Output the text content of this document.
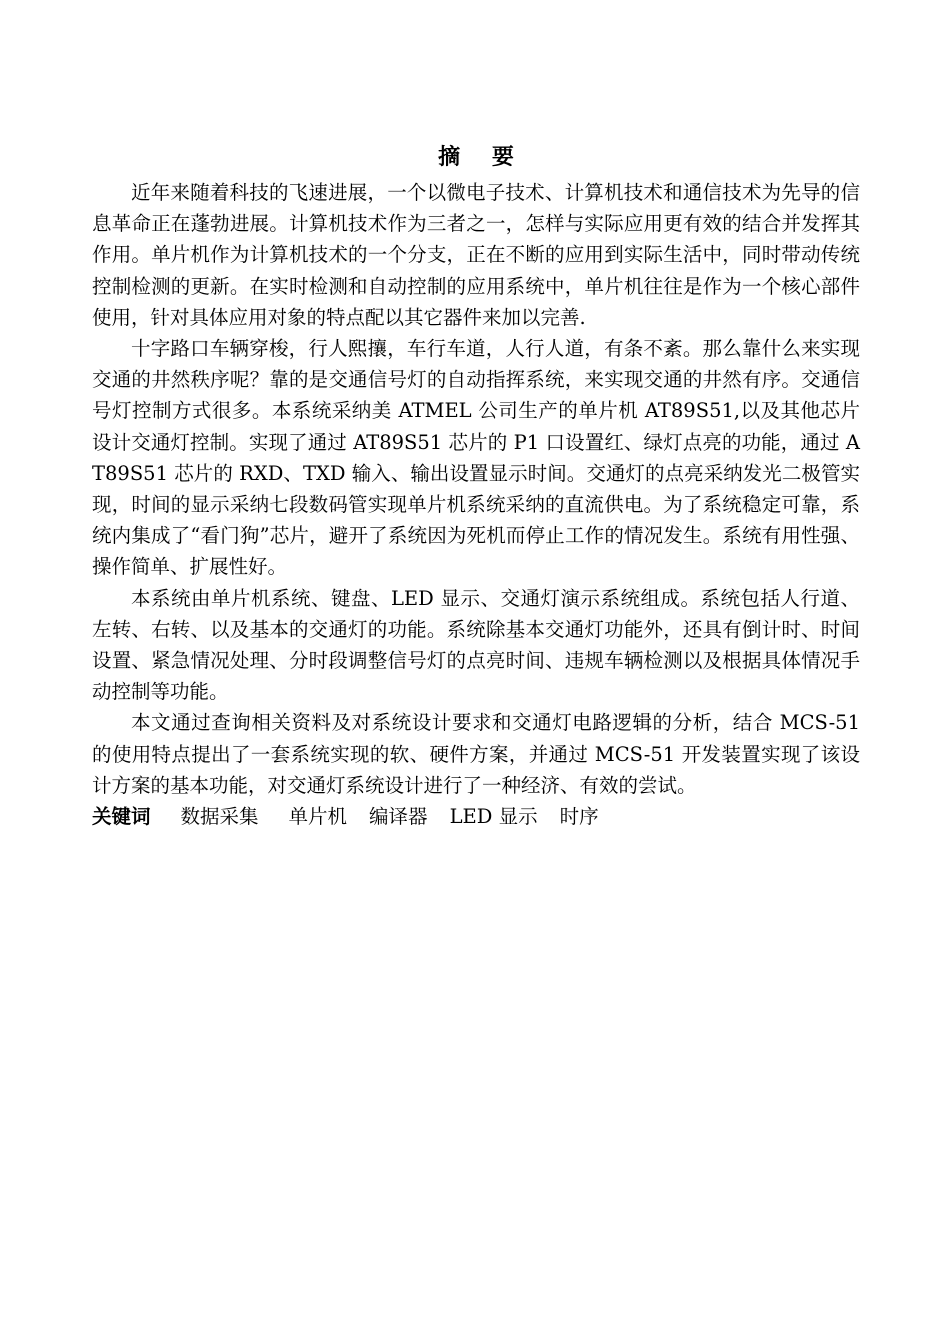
摘 要

近年来随着科技的飞速进展，一个以微电子技术、计算机技术和通信技术为先导的信息革命正在蓬勃进展。计算机技术作为三者之一，怎样与实际应用更有效的结合并发挥其作用。单片机作为计算机技术的一个分支，正在不断的应用到实际生活中，同时带动传统控制检测的更新。在实时检测和自动控制的应用系统中，单片机往往是作为一个核心部件使用，针对具体应用对象的特点配以其它器件来加以完善.

十字路口车辆穿梭，行人熙攘，车行车道，人行人道，有条不紊。那么靠什么来实现交通的井然秩序呢？靠的是交通信号灯的自动指挥系统，来实现交通的井然有序。交通信号灯控制方式很多。本系统采纳美 ATMEL 公司生产的单片机 AT89S51,以及其他芯片设计交通灯控制。实现了通过 AT89S51 芯片的 P1 口设置红、绿灯点亮的功能，通过 AT89S51 芯片的 RXD、TXD 输入、输出设置显示时间。交通灯的点亮采纳发光二极管实现，时间的显示采纳七段数码管实现单片机系统采纳的直流供电。为了系统稳定可靠，系统内集成了“看门狗”芯片，避开了系统因为死机而停止工作的情况发生。系统有用性强、操作简单、扩展性好。

本系统由单片机系统、键盘、LED 显示、交通灯演示系统组成。系统包括人行道、左转、右转、以及基本的交通灯的功能。系统除基本交通灯功能外，还具有倒计时、时间设置、紧急情况处理、分时段调整信号灯的点亮时间、违规车辆检测以及根据具体情况手动控制等功能。

本文通过查询相关资料及对系统设计要求和交通灯电路逻辑的分析，结合 MCS-51 的使用特点提出了一套系统实现的软、硬件方案，并通过 MCS-51 开发装置实现了该设计方案的基本功能，对交通灯系统设计进行了一种经济、有效的尝试。

关键词 数据采集 单片机 编译器 LED 显示 时序
